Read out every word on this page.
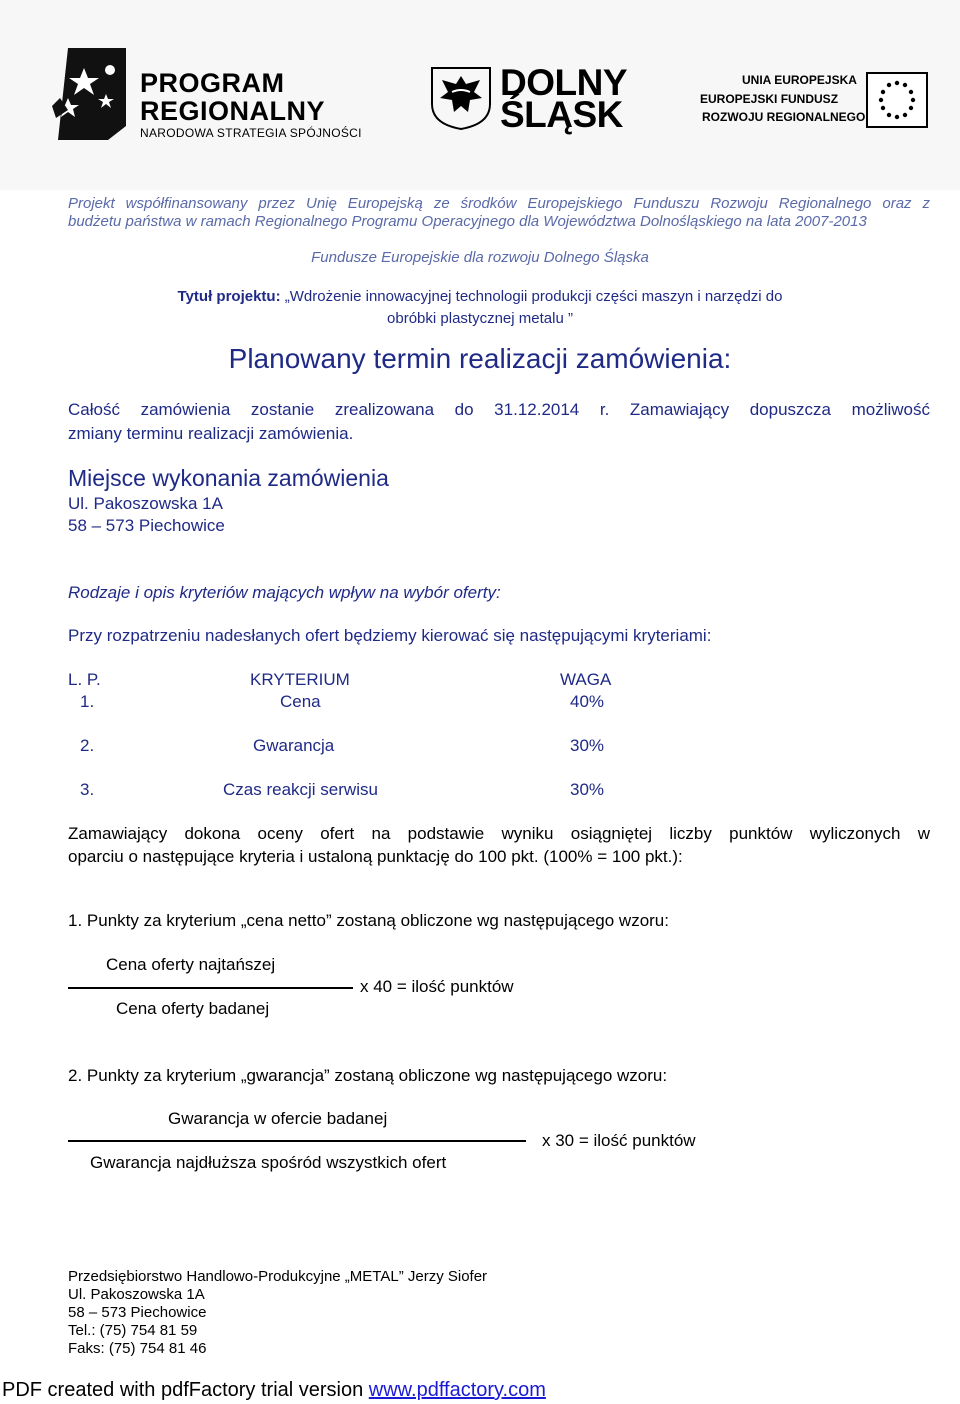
PROGRAM
REGIONALNY
NARODOWA STRATEGIA SPÓJNOŚCI
DOLNY
ŚLĄSK
UNIA EUROPEJSKA
EUROPEJSKI FUNDUSZ
ROZWOJU REGIONALNEGO
Projekt współfinansowany przez Unię Europejską ze środków Europejskiego Funduszu Rozwoju Regionalnego oraz z
budżetu państwa w ramach Regionalnego Programu Operacyjnego dla Województwa Dolnośląskiego na lata 2007-2013
Fundusze Europejskie dla rozwoju Dolnego Śląska
Tytuł projektu: „Wdrożenie innowacyjnej technologii produkcji części maszyn i narzędzi do
obróbki plastycznej metalu ”
Planowany termin realizacji zamówienia:
Całość zamówienia zostanie zrealizowana do 31.12.2014 r. Zamawiający dopuszcza możliwość
zmiany terminu realizacji zamówienia.
Miejsce wykonania zamówienia
Ul. Pakoszowska 1A
58 – 573 Piechowice
Rodzaje i opis kryteriów mających wpływ na wybór oferty:
Przy rozpatrzeniu nadesłanych ofert będziemy kierować się następującymi kryteriami:
L. P.	KRYTERIUM	WAGA
1.	Cena	40%
2.	Gwarancja	30%
3.	Czas reakcji serwisu	30%
Zamawiający dokona oceny ofert na podstawie wyniku osiągniętej liczby punktów wyliczonych w
oparciu o następujące kryteria i ustaloną punktację do 100 pkt. (100% = 100 pkt.):
1. Punkty za kryterium „cena netto” zostaną obliczone wg następującego wzoru:
Cena oferty najtańszej
x 40 = ilość punktów
Cena oferty badanej
2. Punkty za kryterium „gwarancja” zostaną obliczone wg następującego wzoru:
Gwarancja w ofercie badanej
x 30 = ilość punktów
Gwarancja najdłuższa spośród wszystkich ofert
Przedsiębiorstwo Handlowo-Produkcyjne „METAL” Jerzy Siofer
Ul. Pakoszowska 1A
58 – 573 Piechowice
Tel.: (75) 754 81 59
Faks: (75) 754 81 46
PDF created with pdfFactory trial version www.pdffactory.com
